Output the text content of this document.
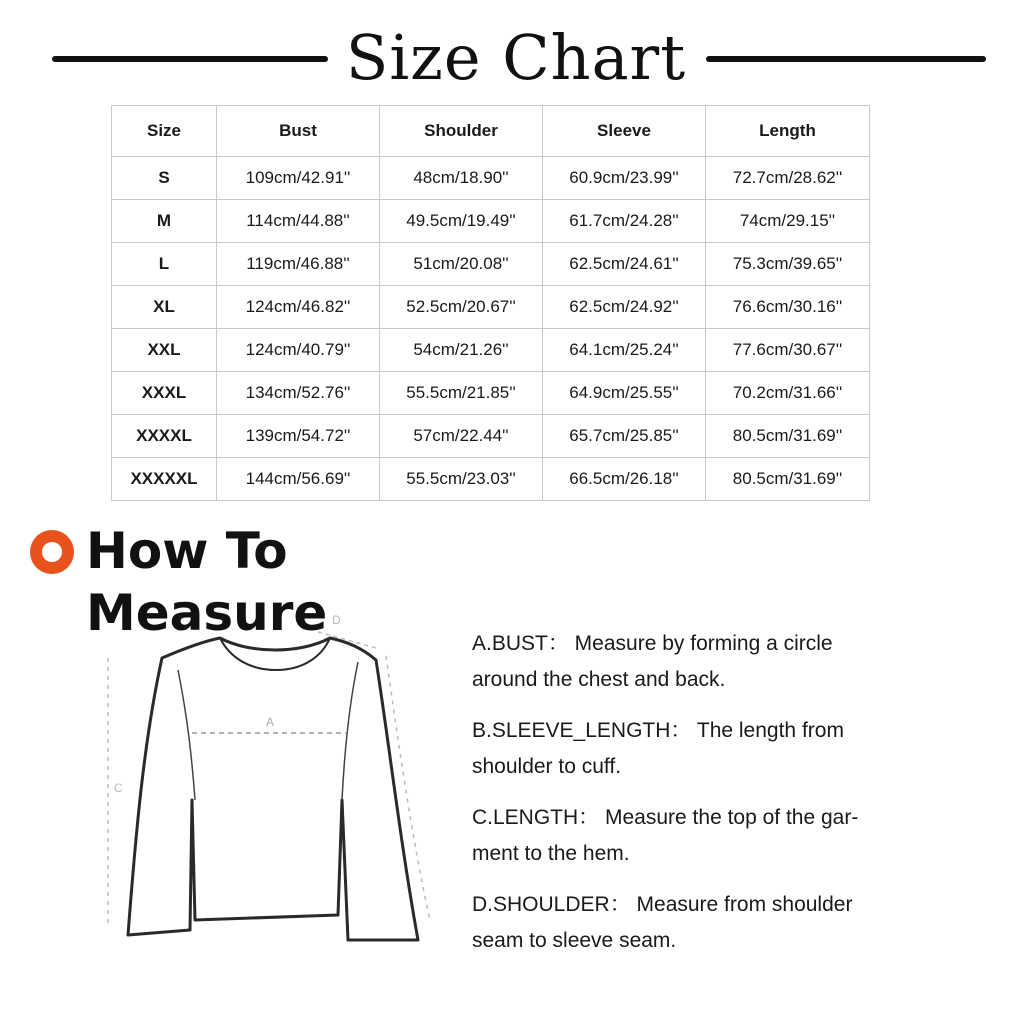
Size Chart
Size	Bust	Shoulder	Sleeve	Length
S	109cm/42.91''	48cm/18.90''	60.9cm/23.99''	72.7cm/28.62''
M	114cm/44.88''	49.5cm/19.49''	61.7cm/24.28''	74cm/29.15''
L	119cm/46.88''	51cm/20.08''	62.5cm/24.61''	75.3cm/39.65''
XL	124cm/46.82''	52.5cm/20.67''	62.5cm/24.92''	76.6cm/30.16''
XXL	124cm/40.79''	54cm/21.26''	64.1cm/25.24''	77.6cm/30.67''
XXXL	134cm/52.76''	55.5cm/21.85''	64.9cm/25.55''	70.2cm/31.66''
XXXXL	139cm/54.72''	57cm/22.44''	65.7cm/25.85''	80.5cm/31.69''
XXXXXL	144cm/56.69''	55.5cm/23.03''	66.5cm/26.18''	80.5cm/31.69''
How To Measure
A
C
D
A.BUST： Measure by forming a circle
around the chest and back.
B.SLEEVE_LENGTH： The length from
shoulder to cuff.
C.LENGTH： Measure the top of the gar-
ment to the hem.
D.SHOULDER： Measure from shoulder
seam to sleeve seam.
